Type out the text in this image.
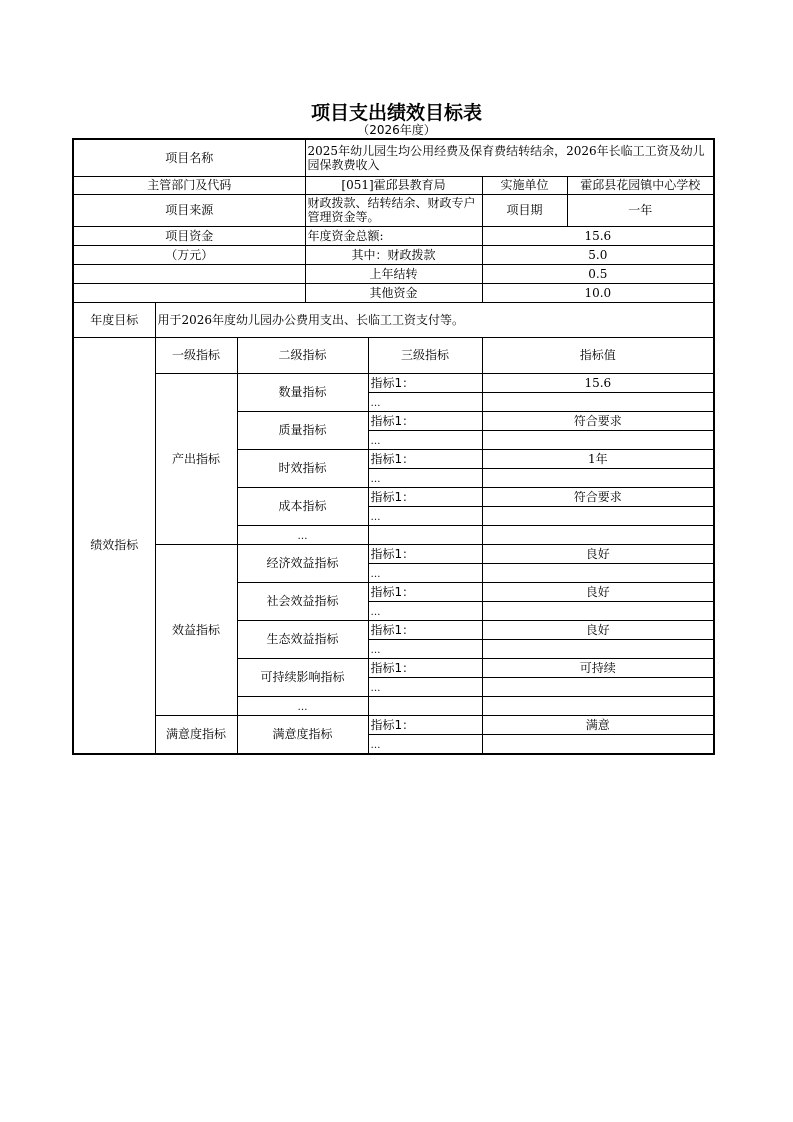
项目支出绩效目标表
（2026年度）
项目名称			2025年幼儿园生均公用经费及保育费结转结余，2026年长临工工资及幼儿园保教费收入			
主管部门及代码			[051]霍邱县教育局		实施单位	霍邱县花园镇中心学校
项目来源			财政拨款、结转结余、财政专户管理资金等。		项目期	一年
项目资金			年度资金总额:		15.6	
（万元）			其中：财政拨款		5.0	
			上年结转		0.5	
			其他资金		10.0	
年度目标	用于2026年度幼儿园办公费用支出、长临工工资支付等。					
绩效指标	一级指标	二级指标		三级指标	指标值	
	产出指标	数量指标		指标1：	15.6	
				…		
		质量指标		指标1：	符合要求	
				…		
		时效指标		指标1：	1年	
				…		
		成本指标		指标1：	符合要求	
				…		
		…				
	效益指标	经济效益指标		指标1：	良好	
				…		
		社会效益指标		指标1：	良好	
				…		
		生态效益指标		指标1：	良好	
				…		
		可持续影响指标		指标1：	可持续	
				…		
		…				
	满意度指标	满意度指标		指标1：	满意	
				…		
